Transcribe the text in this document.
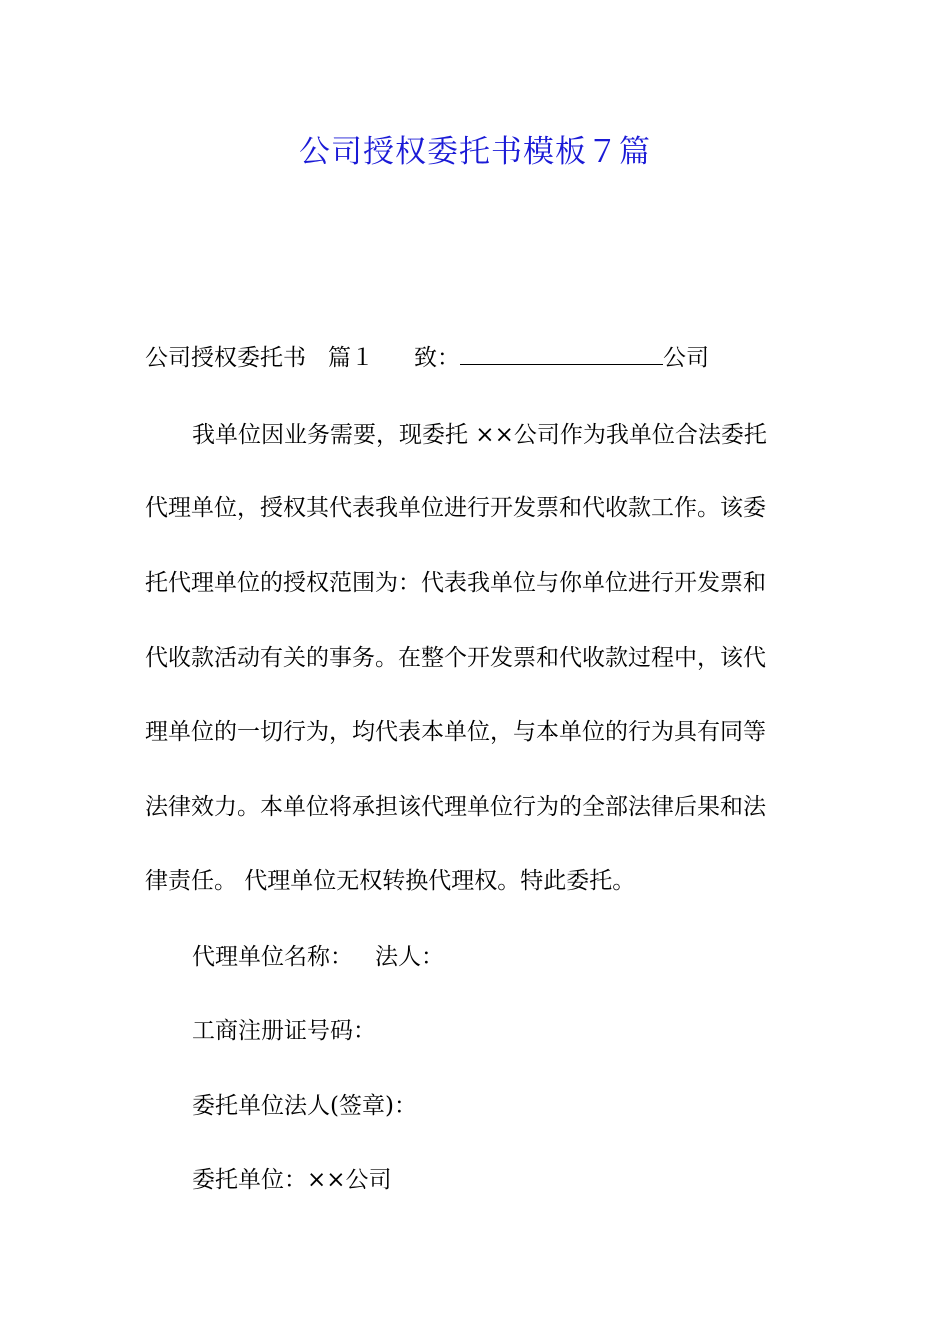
公司授权委托书模板７篇
公司授权委托书 篇１ 致：	公司
我单位因业务需要，现委托 ××公司作为我单位合法委托
代理单位，授权其代表我单位进行开发票和代收款工作。该委
托代理单位的授权范围为：代表我单位与你单位进行开发票和
代收款活动有关的事务。在整个开发票和代收款过程中，该代
理单位的一切行为，均代表本单位，与本单位的行为具有同等
法律效力。本单位将承担该代理单位行为的全部法律后果和法
律责任。 代理单位无权转换代理权。特此委托。
代理单位名称： 法人：
工商注册证号码：
委托单位法人(签章)：
委托单位：××公司
